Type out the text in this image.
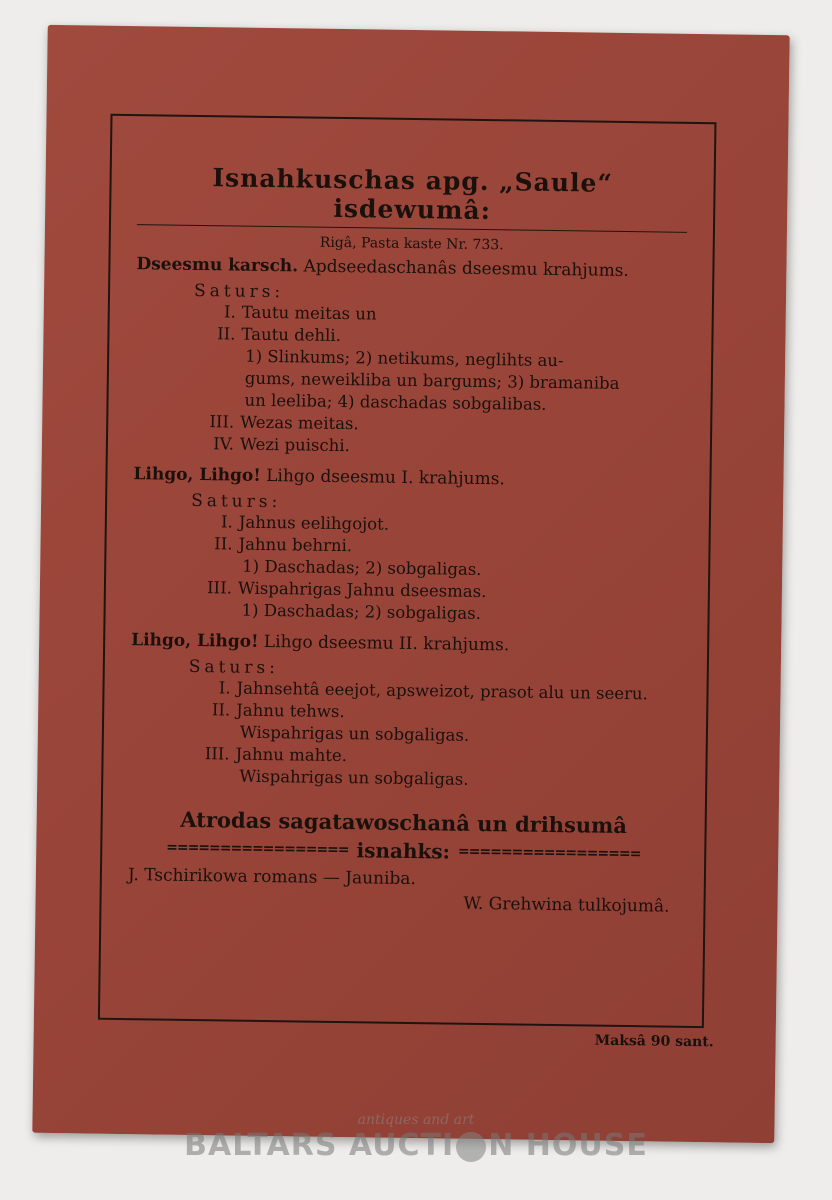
Isnahkuschas apg. „Saule“ isdewumâ:
Rigâ, Pasta kaste Nr. 733.
Dseesmu karsch. Apdseedaschanâs dseesmu krahjums.
Saturs:
I. Tautu meitas un
II. Tautu dehli.
1) Slinkums; 2) netikums, neglihts au-
gums, neweikliba un bargums; 3) bramaniba
un leeliba; 4) daschadas sobgalibas.
III. Wezas meitas.
IV. Wezi puischi.
Lihgo, Lihgo! Lihgo dseesmu I. krahjums.
Saturs:
I. Jahnus eelihgojot.
II. Jahnu behrni.
1) Daschadas; 2) sobgaligas.
III. Wispahrigas Jahnu dseesmas.
1) Daschadas; 2) sobgaligas.
Lihgo, Lihgo! Lihgo dseesmu II. krahjums.
Saturs:
I. Jahnsehtâ eeejot, apsweizot, prasot alu un seeru.
II. Jahnu tehws.
Wispahrigas un sobgaligas.
III. Jahnu mahte.
Wispahrigas un sobgaligas.
Atrodas sagatawoschanâ un drihsumâ
================= isnahks: =================
J. Tschirikowa romans — Jauniba.
W. Grehwina tulkojumâ.
Maksâ 90 sant.
antiques and art
BALTARS AUCTI N HOUSE
